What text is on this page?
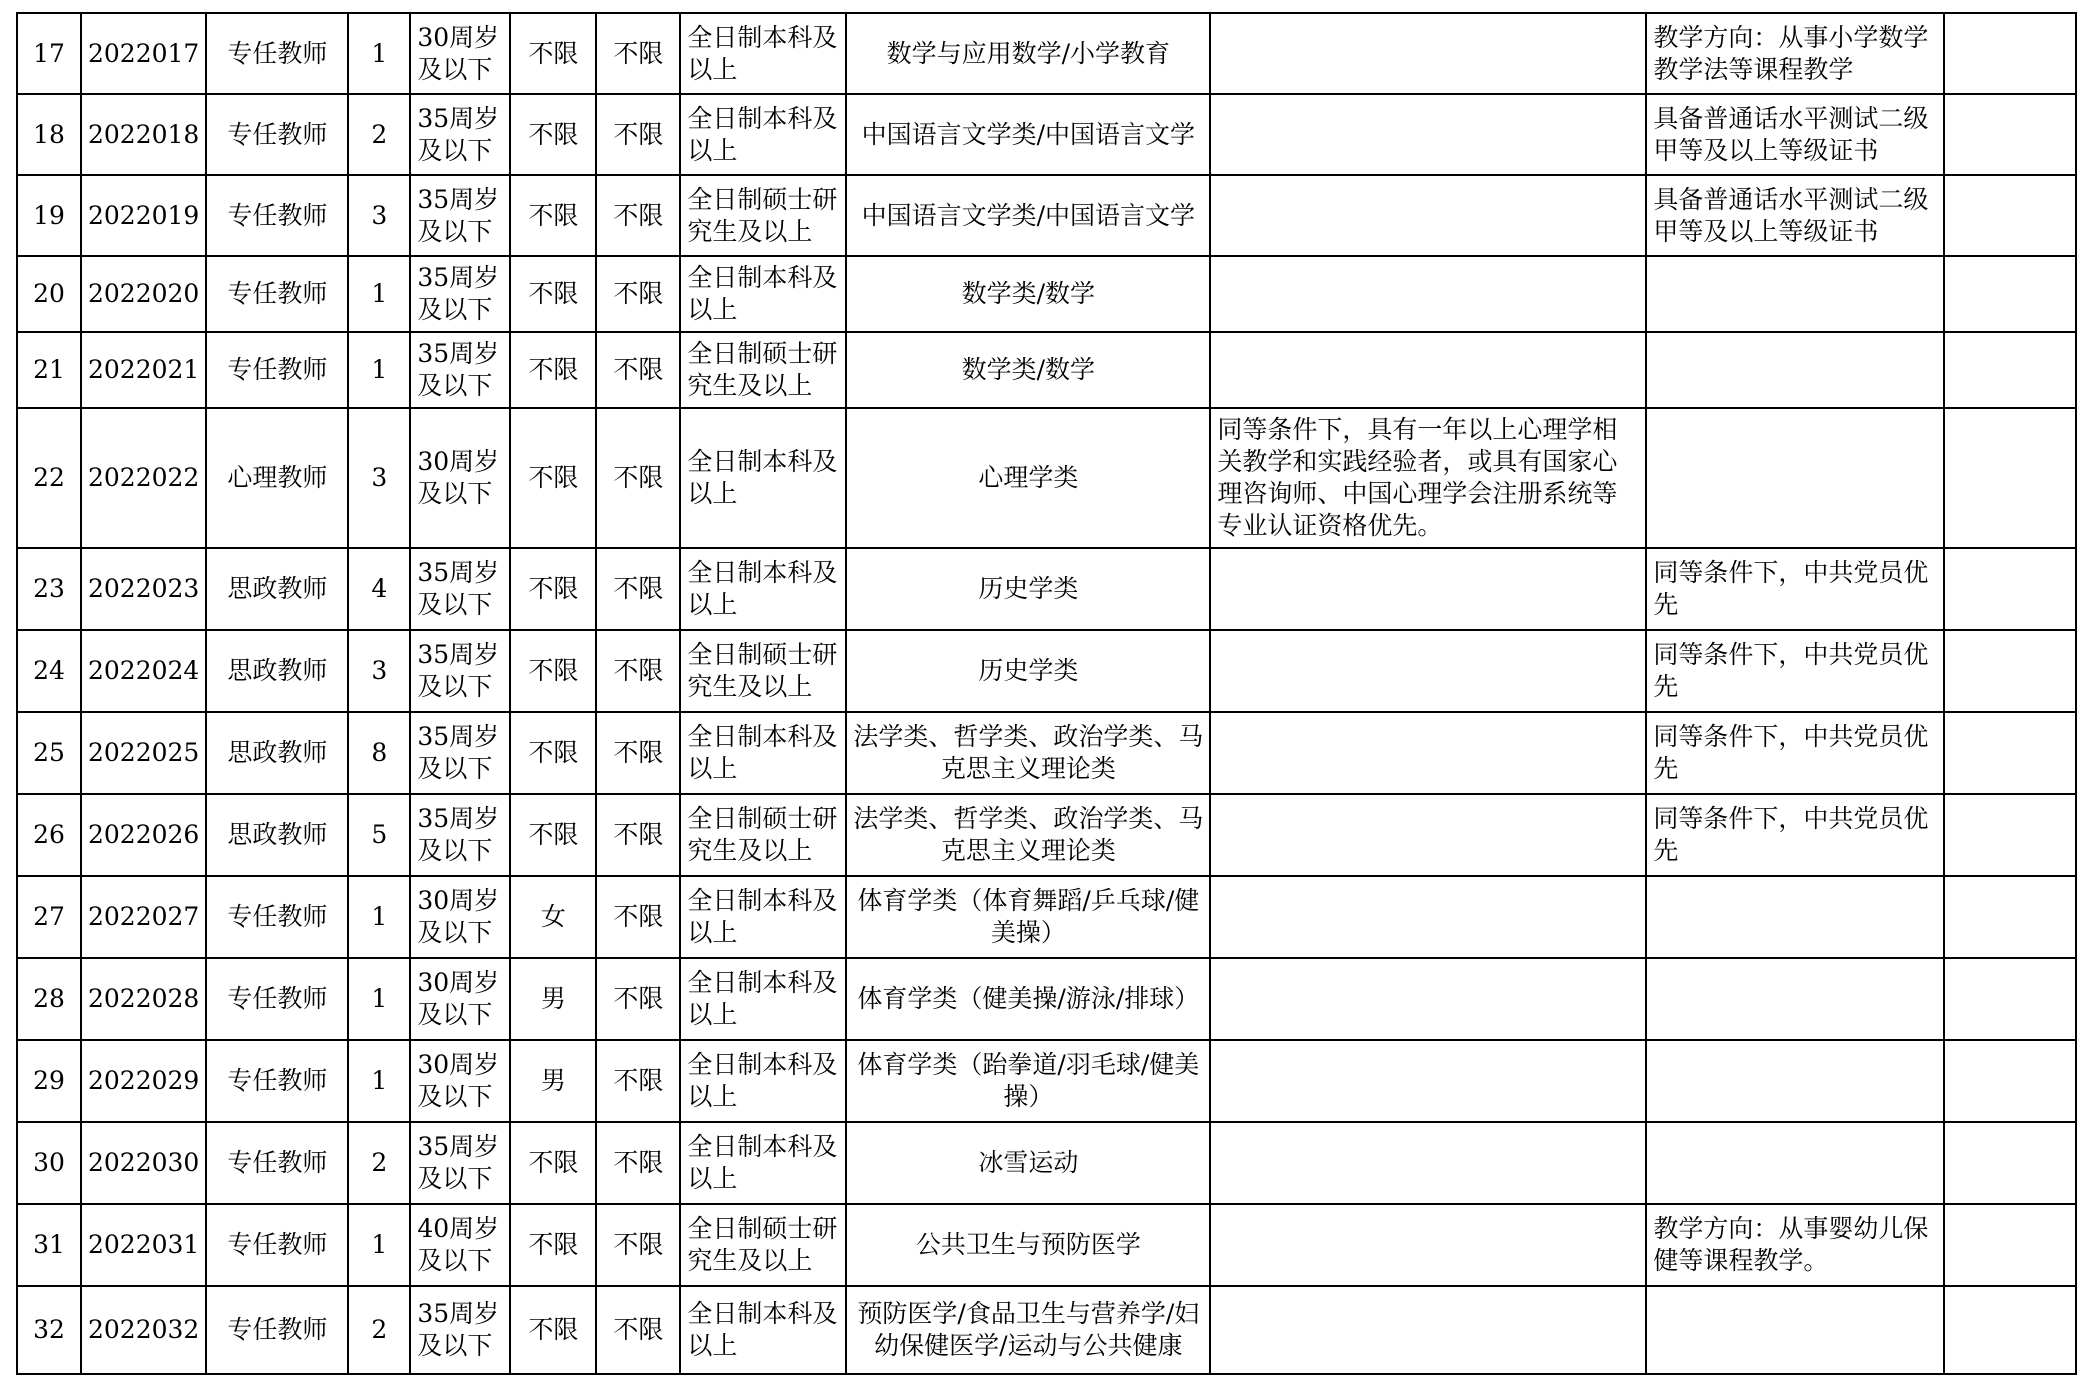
17	2022017	专任教师	1	30周岁及以下	不限	不限	全日制本科及以上	数学与应用数学/小学教育		教学方向：从事小学数学教学法等课程教学	
18	2022018	专任教师	2	35周岁及以下	不限	不限	全日制本科及以上	中国语言文学类/中国语言文学		具备普通话水平测试二级甲等及以上等级证书	
19	2022019	专任教师	3	35周岁及以下	不限	不限	全日制硕士研究生及以上	中国语言文学类/中国语言文学		具备普通话水平测试二级甲等及以上等级证书	
20	2022020	专任教师	1	35周岁及以下	不限	不限	全日制本科及以上	数学类/数学			
21	2022021	专任教师	1	35周岁及以下	不限	不限	全日制硕士研究生及以上	数学类/数学			
22	2022022	心理教师	3	30周岁及以下	不限	不限	全日制本科及以上	心理学类	同等条件下，具有一年以上心理学相关教学和实践经验者，或具有国家心理咨询师、中国心理学会注册系统等专业认证资格优先。		
23	2022023	思政教师	4	35周岁及以下	不限	不限	全日制本科及以上	历史学类		同等条件下，中共党员优先	
24	2022024	思政教师	3	35周岁及以下	不限	不限	全日制硕士研究生及以上	历史学类		同等条件下，中共党员优先	
25	2022025	思政教师	8	35周岁及以下	不限	不限	全日制本科及以上	法学类、哲学类、政治学类、马克思主义理论类		同等条件下，中共党员优先	
26	2022026	思政教师	5	35周岁及以下	不限	不限	全日制硕士研究生及以上	法学类、哲学类、政治学类、马克思主义理论类		同等条件下，中共党员优先	
27	2022027	专任教师	1	30周岁及以下	女	不限	全日制本科及以上	体育学类（体育舞蹈/乒乓球/健美操）			
28	2022028	专任教师	1	30周岁及以下	男	不限	全日制本科及以上	体育学类（健美操/游泳/排球）			
29	2022029	专任教师	1	30周岁及以下	男	不限	全日制本科及以上	体育学类（跆拳道/羽毛球/健美操）			
30	2022030	专任教师	2	35周岁及以下	不限	不限	全日制本科及以上	冰雪运动			
31	2022031	专任教师	1	40周岁及以下	不限	不限	全日制硕士研究生及以上	公共卫生与预防医学		教学方向：从事婴幼儿保健等课程教学。	
32	2022032	专任教师	2	35周岁及以下	不限	不限	全日制本科及以上	预防医学/食品卫生与营养学/妇幼保健医学/运动与公共健康			
